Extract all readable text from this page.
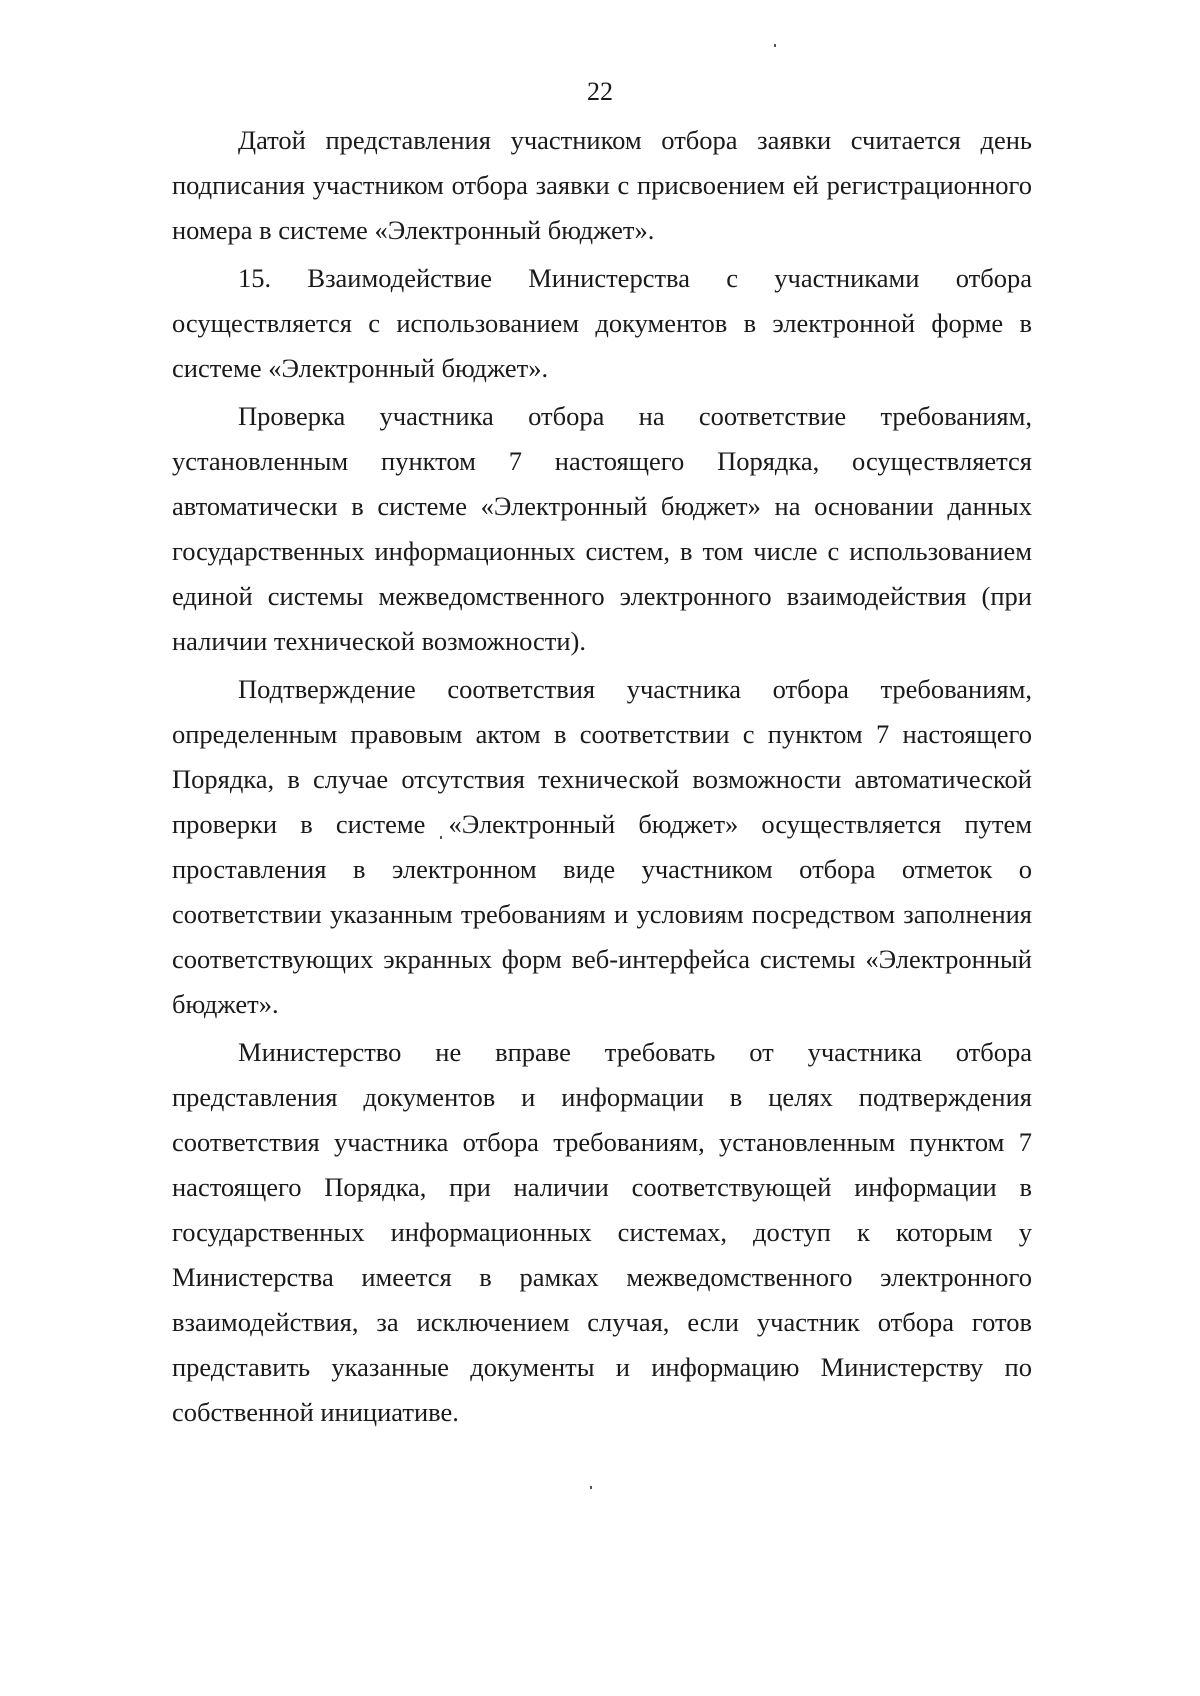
22

Датой представления участником отбора заявки считается день подписания участником отбора заявки с присвоением ей регистрационного номера в системе «Электронный бюджет».

15. Взаимодействие Министерства с участниками отбора осуществляется с использованием документов в электронной форме в системе «Электронный бюджет».

Проверка участника отбора на соответствие требованиям, установленным пунктом 7 настоящего Порядка, осуществляется автоматически в системе «Электронный бюджет» на основании данных государственных информационных систем, в том числе с использованием единой системы межведомственного электронного взаимодействия (при наличии технической возможности).

Подтверждение соответствия участника отбора требованиям, определенным правовым актом в соответствии с пунктом 7 настоящего Порядка, в случае отсутствия технической возможности автоматической проверки в системе «Электронный бюджет» осуществляется путем проставления в электронном виде участником отбора отметок о соответствии указанным требованиям и условиям посредством заполнения соответствующих экранных форм веб-интерфейса системы «Электронный бюджет».

Министерство не вправе требовать от участника отбора представления документов и информации в целях подтверждения соответствия участника отбора требованиям, установленным пунктом 7 настоящего Порядка, при наличии соответствующей информации в государственных информационных системах, доступ к которым у Министерства имеется в рамках межведомственного электронного взаимодействия, за исключением случая, если участник отбора готов представить указанные документы и информацию Министерству по собственной инициативе.
